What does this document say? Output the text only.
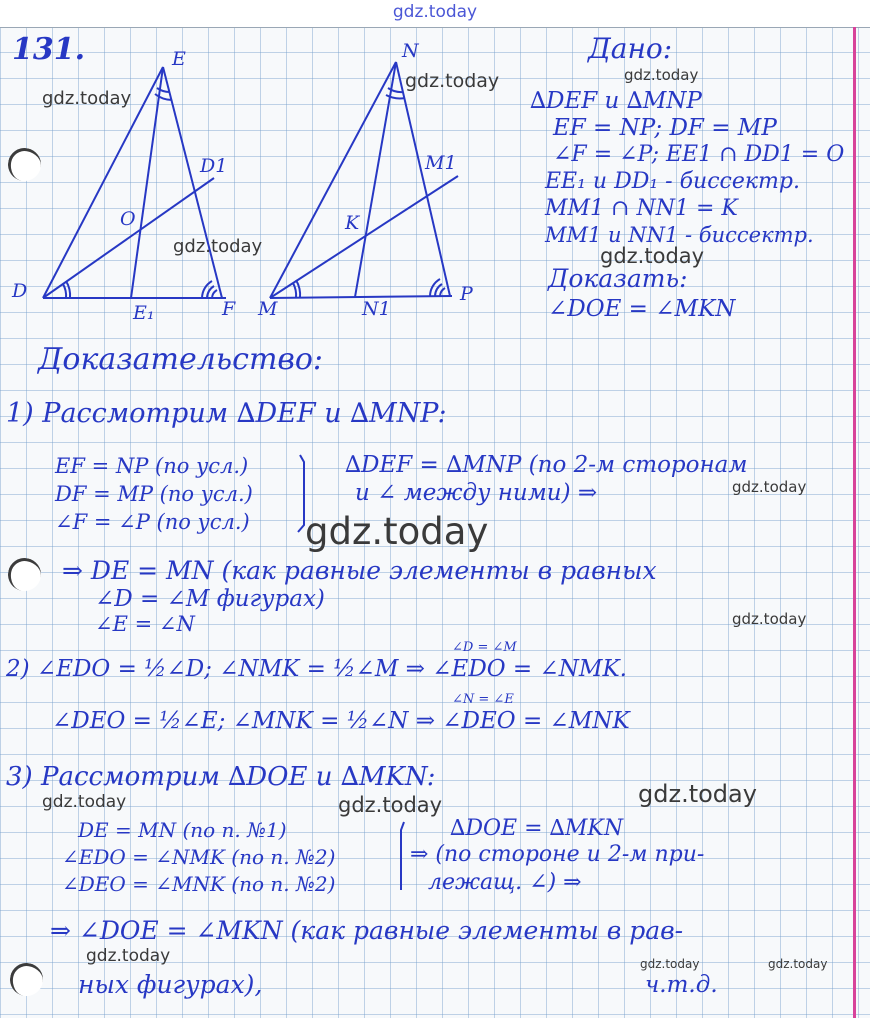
gdz.today
131.	E
D
F
E₁
D1
O
N
M
P
N1
M1
K
Дано:
∆DEF и ∆MNP
EF = NP; DF = MP
∠F = ∠P; EE1 ∩ DD1 = O
EE₁ и DD₁ - биссектр.
MM1 ∩ NN1 = K
MM1 и NN1 - биссектр.
Доказать:
∠DOE = ∠MKN
Доказательство:
1) Рассмотрим ∆DEF и ∆MNP:
EF = NP (по усл.)
DF = MP (по усл.)
∠F = ∠P (по усл.)
∆DEF = ∆MNP (по 2-м сторонам
и ∠ между ними) ⇒
⇒ DE = MN (как равные элементы в равных
∠D = ∠M фигурах)
∠E = ∠N
∠D = ∠M
2) ∠EDO = ½∠D; ∠NMK = ½∠M ⇒ ∠EDO = ∠NMK.
∠N = ∠E
∠DEO = ½∠E; ∠MNK = ½∠N ⇒ ∠DEO = ∠MNK
3) Рассмотрим ∆DOE и ∆MKN:
DE = MN (по п. №1)
∠EDO = ∠NMK (по п. №2)
∠DEO = ∠MNK (по п. №2)
∆DOE = ∆MKN
⇒ (по стороне и 2-м при-
лежащ. ∠) ⇒
⇒ ∠DOE = ∠MKN (как равные элементы в рав-
ных фигурах),	ч.т.д.
gdz.today
gdz.today	gdz.today
gdz.today	gdz.today
gdz.today
gdz.today
gdz.today
gdz.today	gdz.today	gdz.today
gdz.today	gdz.today	gdz.today
